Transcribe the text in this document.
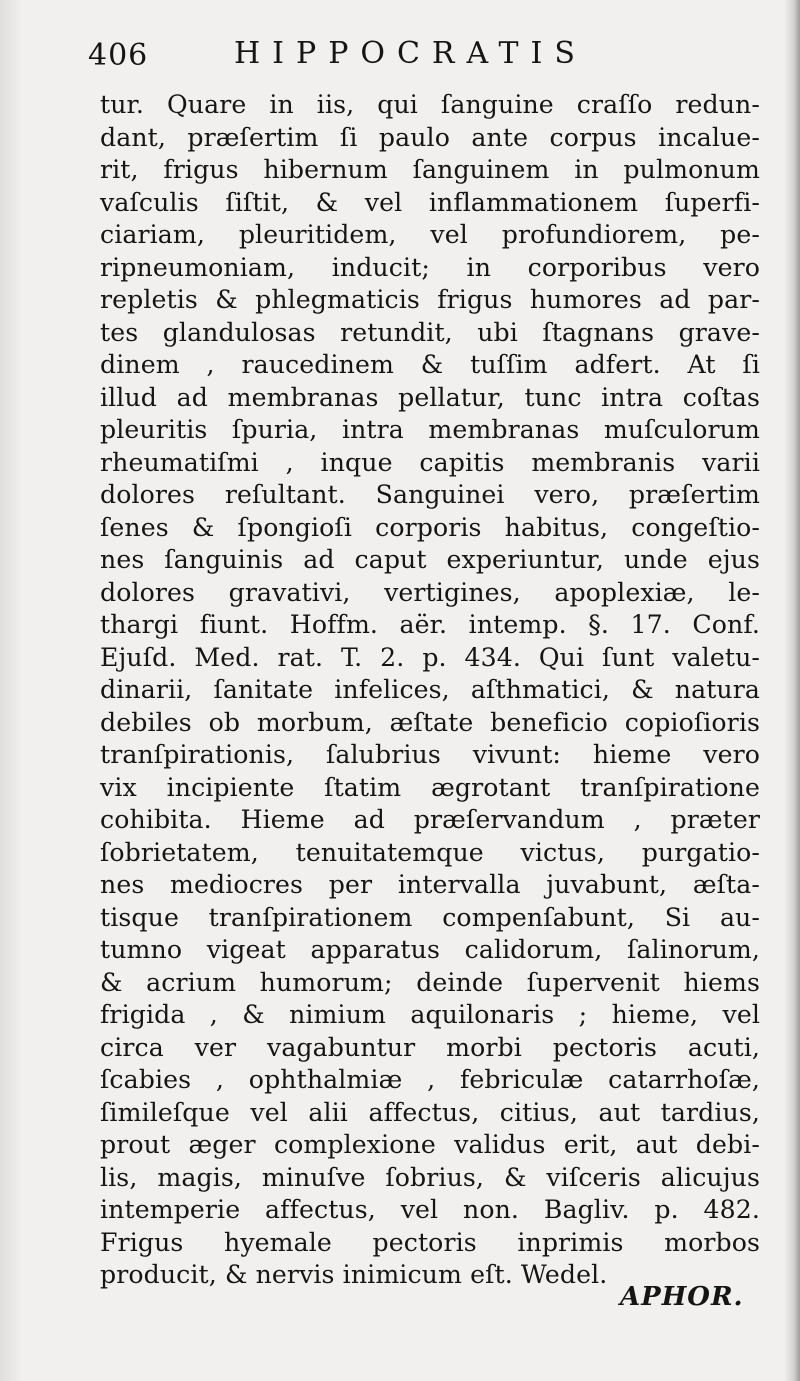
406	HIPPOCRATIS
tur. Quare in iis, qui ſanguine craſſo redun-
dant, præſertim ſi paulo ante corpus incalue-
rit, frigus hibernum ſanguinem in pulmonum
vaſculis ſiſtit, & vel inflammationem ſuperfi-
ciariam, pleuritidem, vel profundiorem, pe-
ripneumoniam, inducit; in corporibus vero
repletis & phlegmaticis frigus humores ad par-
tes glandulosas retundit, ubi ſtagnans grave-
dinem , raucedinem & tuſſim adfert. At ſi
illud ad membranas pellatur, tunc intra coſtas
pleuritis ſpuria, intra membranas muſculorum
rheumatiſmi , inque capitis membranis varii
dolores reſultant. Sanguinei vero, præſertim
ſenes & ſpongioſi corporis habitus, congeſtio-
nes ſanguinis ad caput experiuntur, unde ejus
dolores gravativi, vertigines, apoplexiæ, le-
thargi fiunt. Hoffm. aër. intemp. §. 17. Conf.
Ejuſd. Med. rat. T. 2. p. 434. Qui ſunt valetu-
dinarii, ſanitate infelices, aſthmatici, & natura
debiles ob morbum, æſtate beneficio copioſioris
tranſpirationis, ſalubrius vivunt: hieme vero
vix incipiente ſtatim ægrotant tranſpiratione
cohibita. Hieme ad præſervandum , præter
ſobrietatem, tenuitatemque victus, purgatio-
nes mediocres per intervalla juvabunt, æſta-
tisque tranſpirationem compenſabunt, Si au-
tumno vigeat apparatus calidorum, ſalinorum,
& acrium humorum; deinde ſupervenit hiems
frigida , & nimium aquilonaris ; hieme, vel
circa ver vagabuntur morbi pectoris acuti,
ſcabies , ophthalmiæ , febriculæ catarrhoſæ,
ſimileſque vel alii affectus, citius, aut tardius,
prout æger complexione validus erit, aut debi-
lis, magis, minuſve ſobrius, & viſceris alicujus
intemperie affectus, vel non. Bagliv. p. 482.
Frigus hyemale pectoris inprimis morbos
producit, & nervis inimicum eſt. Wedel.
APHOR.
